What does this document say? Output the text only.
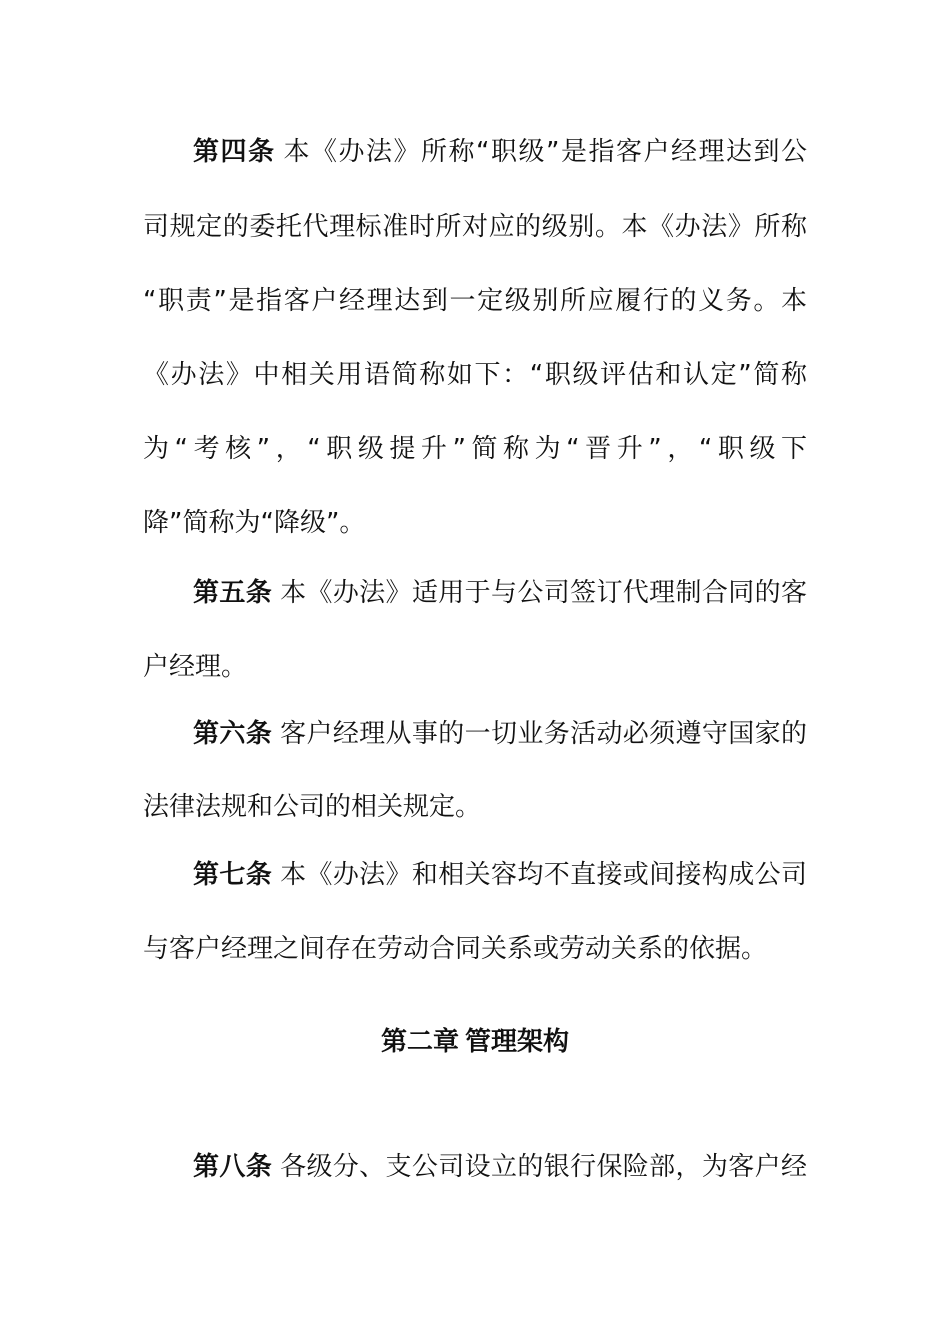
第四条 本《办法》所称“职级”是指客户经理达到公
司规定的委托代理标准时所对应的级别。本《办法》所称
“职责”是指客户经理达到一定级别所应履行的义务。本
《办法》中相关用语简称如下：“职级评估和认定”简称
为“考核”，“职级提升”简称为“晋升”，“职级下
降”简称为“降级”。
第五条 本《办法》适用于与公司签订代理制合同的客
户经理。
第六条 客户经理从事的一切业务活动必须遵守国家的
法律法规和公司的相关规定。
第七条 本《办法》和相关容均不直接或间接构成公司
与客户经理之间存在劳动合同关系或劳动关系的依据。
第二章 管理架构
第八条 各级分、支公司设立的银行保险部，为客户经
